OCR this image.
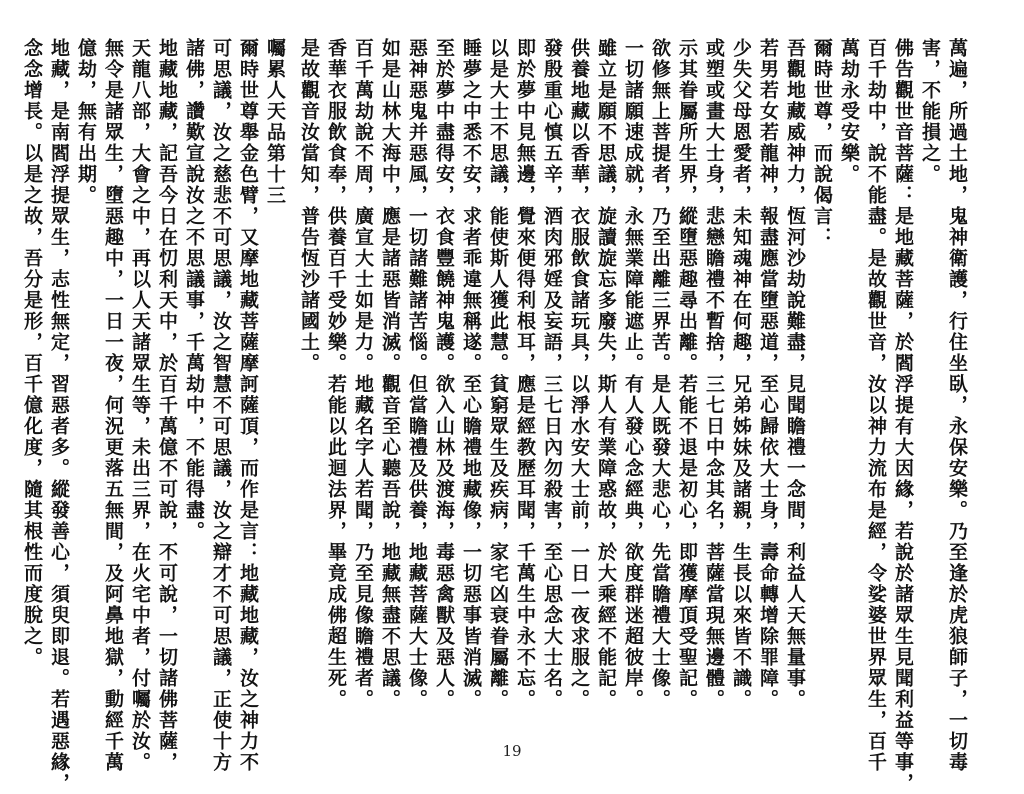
萬遍，所過土地，鬼神衛護，行住坐臥，永保安樂。乃至逢於虎狼師子，一切毒
害，不能損之。
佛告觀世音菩薩：是地藏菩薩，於閻浮提有大因緣，若說於諸眾生見聞利益等事，
百千劫中，說不能盡。是故觀世音，汝以神力流布是經，令娑婆世界眾生，百千
萬劫永受安樂。
爾時世尊，而說偈言：
吾觀地藏威神力，恆河沙劫說難盡，見聞瞻禮一念間，利益人天無量事。
若男若女若龍神，報盡應當墮惡道，至心歸依大士身，壽命轉增除罪障。
少失父母恩愛者，未知魂神在何趣，兄弟姊妹及諸親，生長以來皆不識。
或塑或畫大士身，悲戀瞻禮不暫捨，三七日中念其名，菩薩當現無邊體。
示其眷屬所生界，縱墮惡趣尋出離。若能不退是初心，即獲摩頂受聖記。
欲修無上菩提者，乃至出離三界苦。是人既發大悲心，先當瞻禮大士像。
一切諸願速成就，永無業障能遮止。有人發心念經典，欲度群迷超彼岸。
雖立是願不思議，旋讀旋忘多廢失，斯人有業障惑故，於大乘經不能記。
供養地藏以香華，衣服飲食諸玩具，以淨水安大士前，一日一夜求服之。
發殷重心慎五辛，酒肉邪婬及妄語，三七日內勿殺害，至心思念大士名。
即於夢中見無邊，覺來便得利根耳，應是經教歷耳聞，千萬生中永不忘。
以是大士不思議，能使斯人獲此慧。貧窮眾生及疾病，家宅凶衰眷屬離。
睡夢之中悉不安，求者乖違無稱遂。至心瞻禮地藏像，一切惡事皆消滅。
至於夢中盡得安，衣食豐饒神鬼護。欲入山林及渡海，毒惡禽獸及惡人。
惡神惡鬼并惡風，一切諸難諸苦惱。但當瞻禮及供養，地藏菩薩大士像。
如是山林大海中，應是諸惡皆消滅。觀音至心聽吾說，地藏無盡不思議。
百千萬劫說不周，廣宣大士如是力。地藏名字人若聞，乃至見像瞻禮者。
香華衣服飲食奉，供養百千受妙樂。若能以此迴法界，畢竟成佛超生死。
是故觀音汝當知，普告恆沙諸國土。
囑累人天品第十三
爾時世尊舉金色臂，又摩地藏菩薩摩訶薩頂，而作是言：地藏地藏，汝之神力不
可思議，汝之慈悲不可思議，汝之智慧不可思議，汝之辯才不可思議，正使十方
諸佛，讚歎宣說汝之不思議事，千萬劫中，不能得盡。
地藏地藏，記吾今日在忉利天中，於百千萬億不可說，不可說，一切諸佛菩薩，
天龍八部，大會之中，再以人天諸眾生等，未出三界，在火宅中者，付囑於汝。
無令是諸眾生，墮惡趣中，一日一夜，何況更落五無間，及阿鼻地獄，動經千萬
億劫，無有出期。
地藏，是南閻浮提眾生，志性無定，習惡者多。縱發善心，須臾即退。若遇惡緣，
念念增長。以是之故，吾分是形，百千億化度，隨其根性而度脫之。
19
